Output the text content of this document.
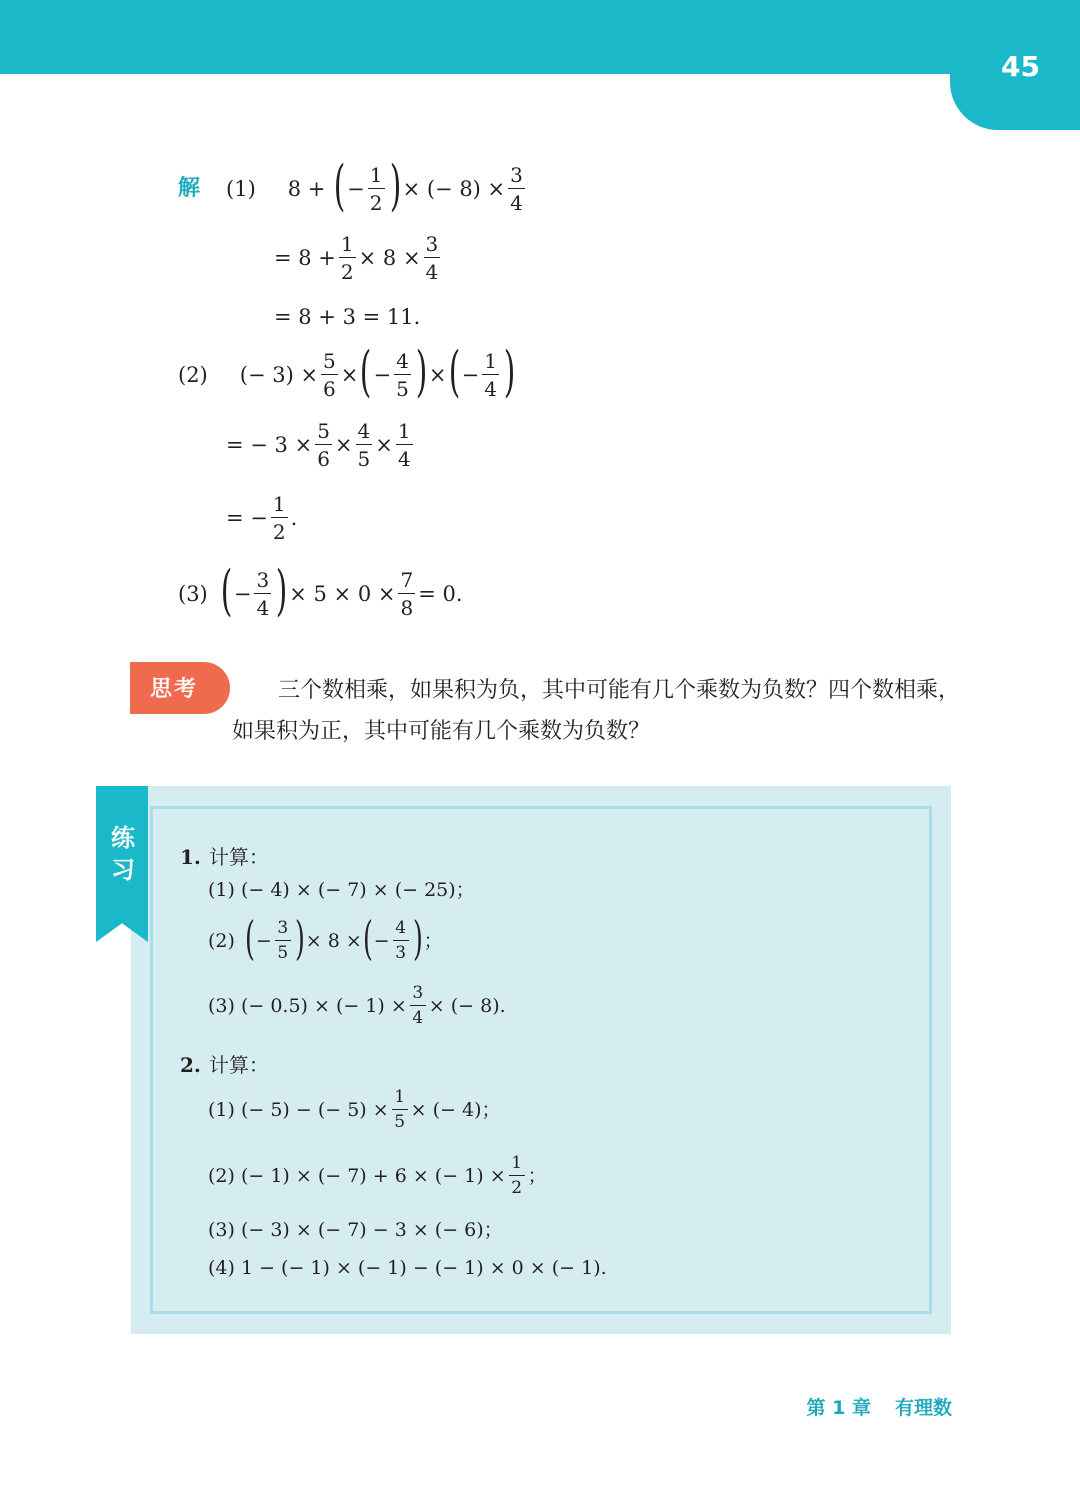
45
解 (1) 8 + ( − $\frac{1}{2}$ ) × (− $8) \times \frac{3}{4}$
= $8 + \frac{1}{2} \times 8 \times \frac{3}{4}$
= 8 + 3 = 11.
(2) (− $3) \times \frac{5}{6}$ × ( − $\frac{4}{5}$ ) × ( − $\frac{1}{4}$ )
= − $3 \times \frac{5}{6} \times \frac{4}{5} \times \frac{1}{4}$
= − $\frac{1}{2}$ .
(3) ( − $\frac{3}{4}$ ) × $5 \times 0 \times \frac{7}{8} = 0$.
思考	三个数相乘，如果积为负，其中可能有几个乘数为负数？四个数相乘，如果积为正，其中可能有几个乘数为负数？
练
习 1. 计算：
(1) (− 4) × (− 7) × (− 25)；
(2) ( − $\frac{3}{5}$ ) × 8 × ( − $\frac{4}{3}$ ) ；
(3) (− 0.5) × (− $1) \times \frac{3}{4}$ × (− 8).
2. 计算：
(1) (− 5) − (− $5) \times \frac{1}{5}$ × (− 4)；
(2) (− 1) × (− 7) + 6 × (− $1) \times \frac{1}{2}$ ；
(3) (− 3) × (− 7) − 3 × (− 6)；
(4) 1 − (− 1) × (− 1) − (− 1) × 0 × (− 1).
第 1 章 有理数
